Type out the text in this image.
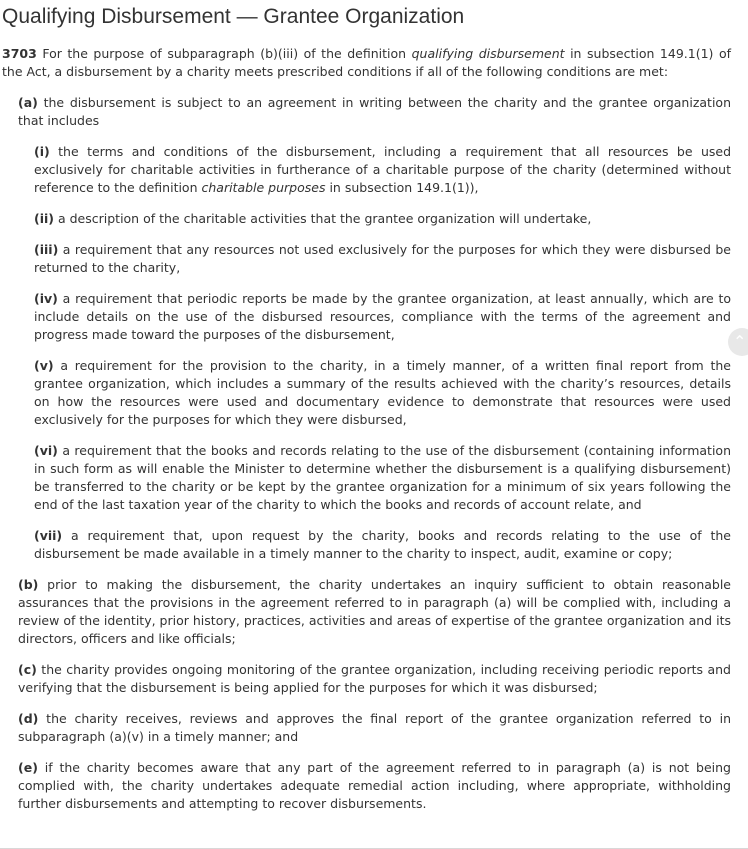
Qualifying Disbursement — Grantee Organization

3703 For the purpose of subparagraph (b)(iii) of the definition qualifying disbursement in subsection 149.1(1) of the Act, a disbursement by a charity meets prescribed conditions if all of the following conditions are met:

(a) the disbursement is subject to an agreement in writing between the charity and the grantee organization that includes

(i) the terms and conditions of the disbursement, including a requirement that all resources be used exclusively for charitable activities in furtherance of a charitable purpose of the charity (determined without reference to the definition charitable purposes in subsection 149.1(1)),

(ii) a description of the charitable activities that the grantee organization will undertake,

(iii) a requirement that any resources not used exclusively for the purposes for which they were disbursed be returned to the charity,

(iv) a requirement that periodic reports be made by the grantee organization, at least annually, which are to include details on the use of the disbursed resources, compliance with the terms of the agreement and progress made toward the purposes of the disbursement,

(v) a requirement for the provision to the charity, in a timely manner, of a written final report from the grantee organization, which includes a summary of the results achieved with the charity’s resources, details on how the resources were used and documentary evidence to demonstrate that resources were used exclusively for the purposes for which they were disbursed,

(vi) a requirement that the books and records relating to the use of the disbursement (containing information in such form as will enable the Minister to determine whether the disbursement is a qualifying disbursement) be transferred to the charity or be kept by the grantee organization for a minimum of six years following the end of the last taxation year of the charity to which the books and records of account relate, and

(vii) a requirement that, upon request by the charity, books and records relating to the use of the disbursement be made available in a timely manner to the charity to inspect, audit, examine or copy;

(b) prior to making the disbursement, the charity undertakes an inquiry sufficient to obtain reasonable assurances that the provisions in the agreement referred to in paragraph (a) will be complied with, including a review of the identity, prior history, practices, activities and areas of expertise of the grantee organization and its directors, officers and like officials;

(c) the charity provides ongoing monitoring of the grantee organization, including receiving periodic reports and verifying that the disbursement is being applied for the purposes for which it was disbursed;

(d) the charity receives, reviews and approves the final report of the grantee organization referred to in subparagraph (a)(v) in a timely manner; and

(e) if the charity becomes aware that any part of the agreement referred to in paragraph (a) is not being complied with, the charity undertakes adequate remedial action including, where appropriate, withholding further disbursements and attempting to recover disbursements.

⌃
